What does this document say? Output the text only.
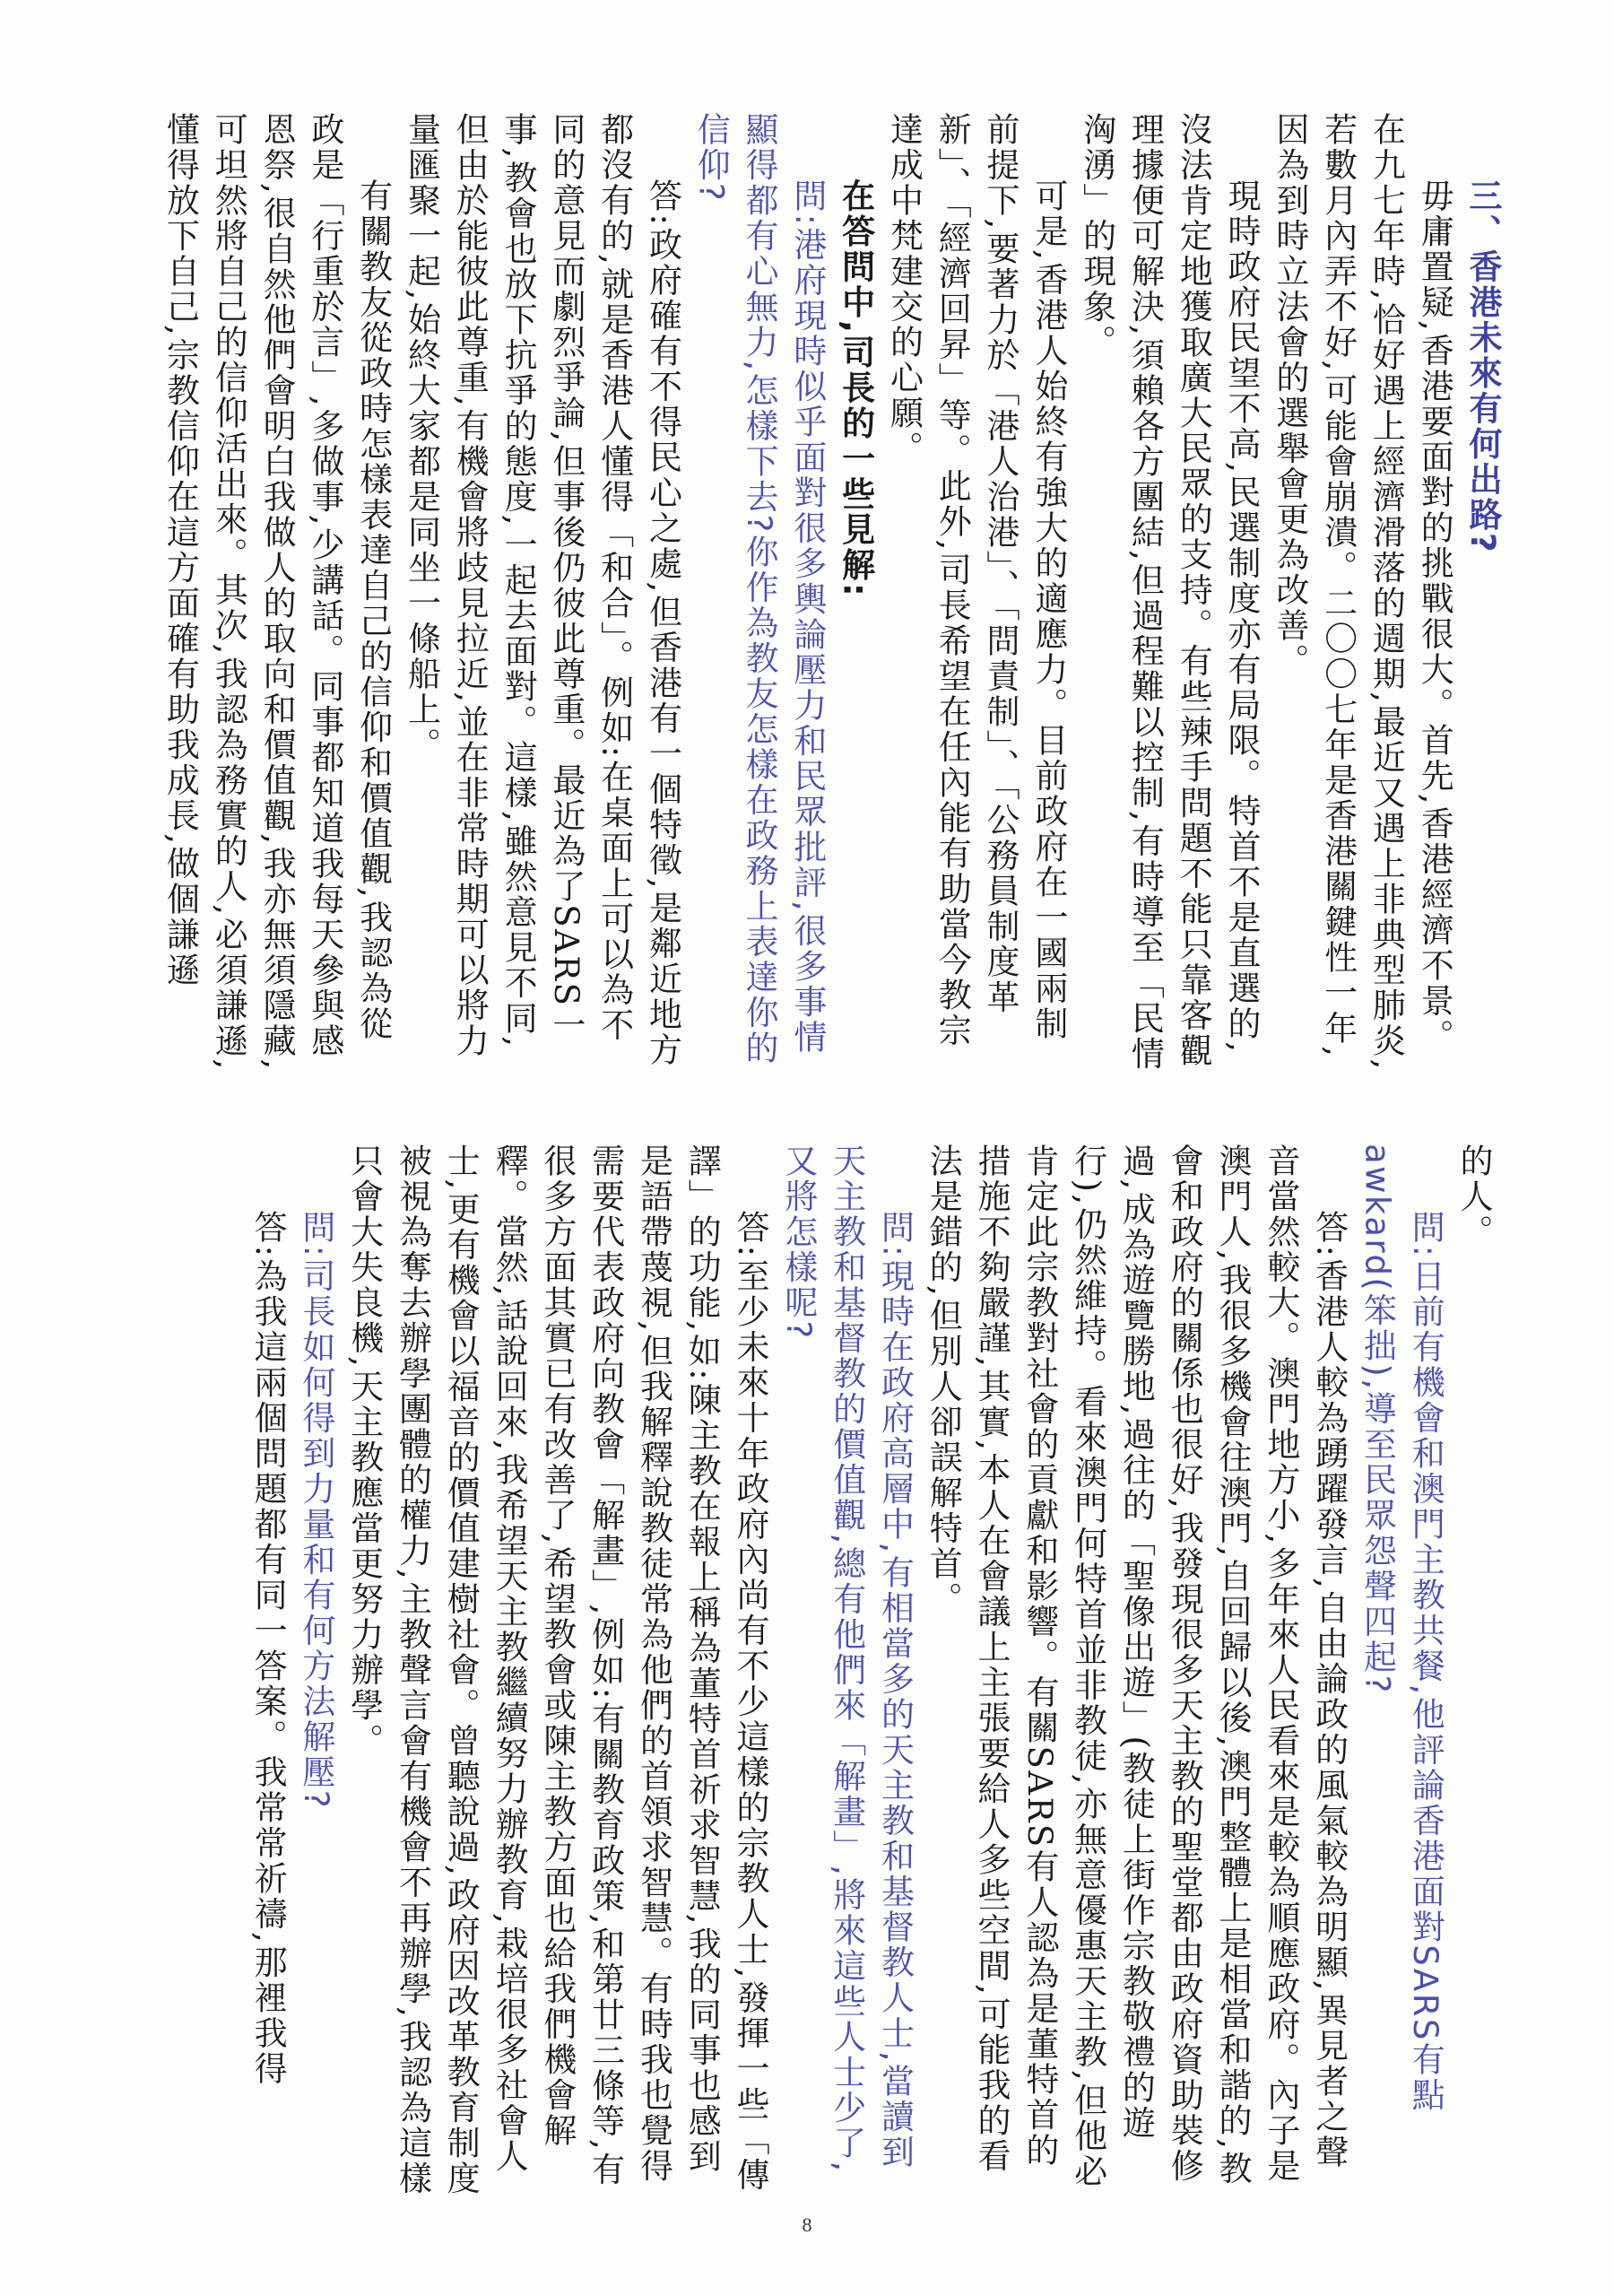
三、香港未來有何出路?

毋庸置疑,香港要面對的挑戰很大。首先,香港經濟不景。在九七年時,恰好遇上經濟滑落的週期,最近又遇上非典型肺炎,若數月內弄不好,可能會崩潰。二〇〇七年是香港關鍵性一年,因為到時立法會的選舉會更為改善。

現時政府民望不高,民選制度亦有局限。特首不是直選的,沒法肯定地獲取廣大民眾的支持。有些辣手問題不能只靠客觀理據便可解決,須賴各方團結,但過程難以控制,有時導至「民情洶湧」的現象。

可是,香港人始終有強大的適應力。目前政府在一國兩制前提下,要著力於「港人治港」、「問責制」、「公務員制度革新」、「經濟回昇」等。此外,司長希望在任內能有助當今教宗達成中梵建交的心願。

在答問中,司長的一些見解:

問:港府現時似乎面對很多輿論壓力和民眾批評,很多事情顯得都有心無力,怎樣下去?你作為教友怎樣在政務上表達你的信仰?

答:政府確有不得民心之處,但香港有一個特徵,是鄰近地方都沒有的,就是香港人懂得「和合」。例如:在桌面上可以為不同的意見而劇烈爭論,但事後仍彼此尊重。最近為了SARS一事,教會也放下抗爭的態度,一起去面對。這樣,雖然意見不同,但由於能彼此尊重,有機會將歧見拉近,並在非常時期可以將力量匯聚一起,始終大家都是同坐一條船上。

有關教友從政時怎樣表達自己的信仰和價值觀,我認為從政是「行重於言」,多做事,少講話。同事都知道我每天參與感恩祭,很自然他們會明白我做人的取向和價值觀,我亦無須隱藏,可坦然將自己的信仰活出來。其次,我認為務實的人,必須謙遜,懂得放下自己,宗教信仰在這方面確有助我成長,做個謙遜

的人。

問:日前有機會和澳門主教共餐,他評論香港面對SARS有點awkard(笨拙),導至民眾怨聲四起?

答:香港人較為踴躍發言,自由論政的風氣較為明顯,異見者之聲音當然較大。澳門地方小,多年來人民看來是較為順應政府。內子是澳門人,我很多機會往澳門,自回歸以後,澳門整體上是相當和諧的,教會和政府的關係也很好,我發現很多天主教的聖堂都由政府資助裝修過,成為遊覽勝地,過往的「聖像出遊」(教徒上街作宗教敬禮的遊行),仍然維持。看來澳門何特首並非教徒,亦無意優惠天主教,但他必肯定此宗教對社會的貢獻和影響。有關SARS有人認為是董特首的措施不夠嚴謹,其實,本人在會議上主張要給人多些空間,可能我的看法是錯的,但別人卻誤解特首。

問:現時在政府高層中,有相當多的天主教和基督教人士,當讀到天主教和基督教的價值觀,總有他們來「解畫」,將來這些人士少了,又將怎樣呢?

答:至少未來十年政府內尚有不少這樣的宗教人士,發揮一些「傳譯」的功能,如:陳主教在報上稱為董特首祈求智慧,我的同事也感到是語帶蔑視,但我解釋說教徒常為他們的首領求智慧。有時我也覺得需要代表政府向教會「解畫」,例如:有關教育政策,和第廿三條等,有很多方面其實已有改善了,希望教會或陳主教方面也給我們機會解釋。當然,話說回來,我希望天主教繼續努力辦教育,栽培很多社會人士,更有機會以福音的價值建樹社會。曾聽說過,政府因改革教育制度被視為奪去辦學團體的權力,主教聲言會有機會不再辦學,我認為這樣只會大失良機,天主教應當更努力辦學。

問:司長如何得到力量和有何方法解壓?

答:為我這兩個問題都有同一答案。我常常祈禱,那裡我得

8
